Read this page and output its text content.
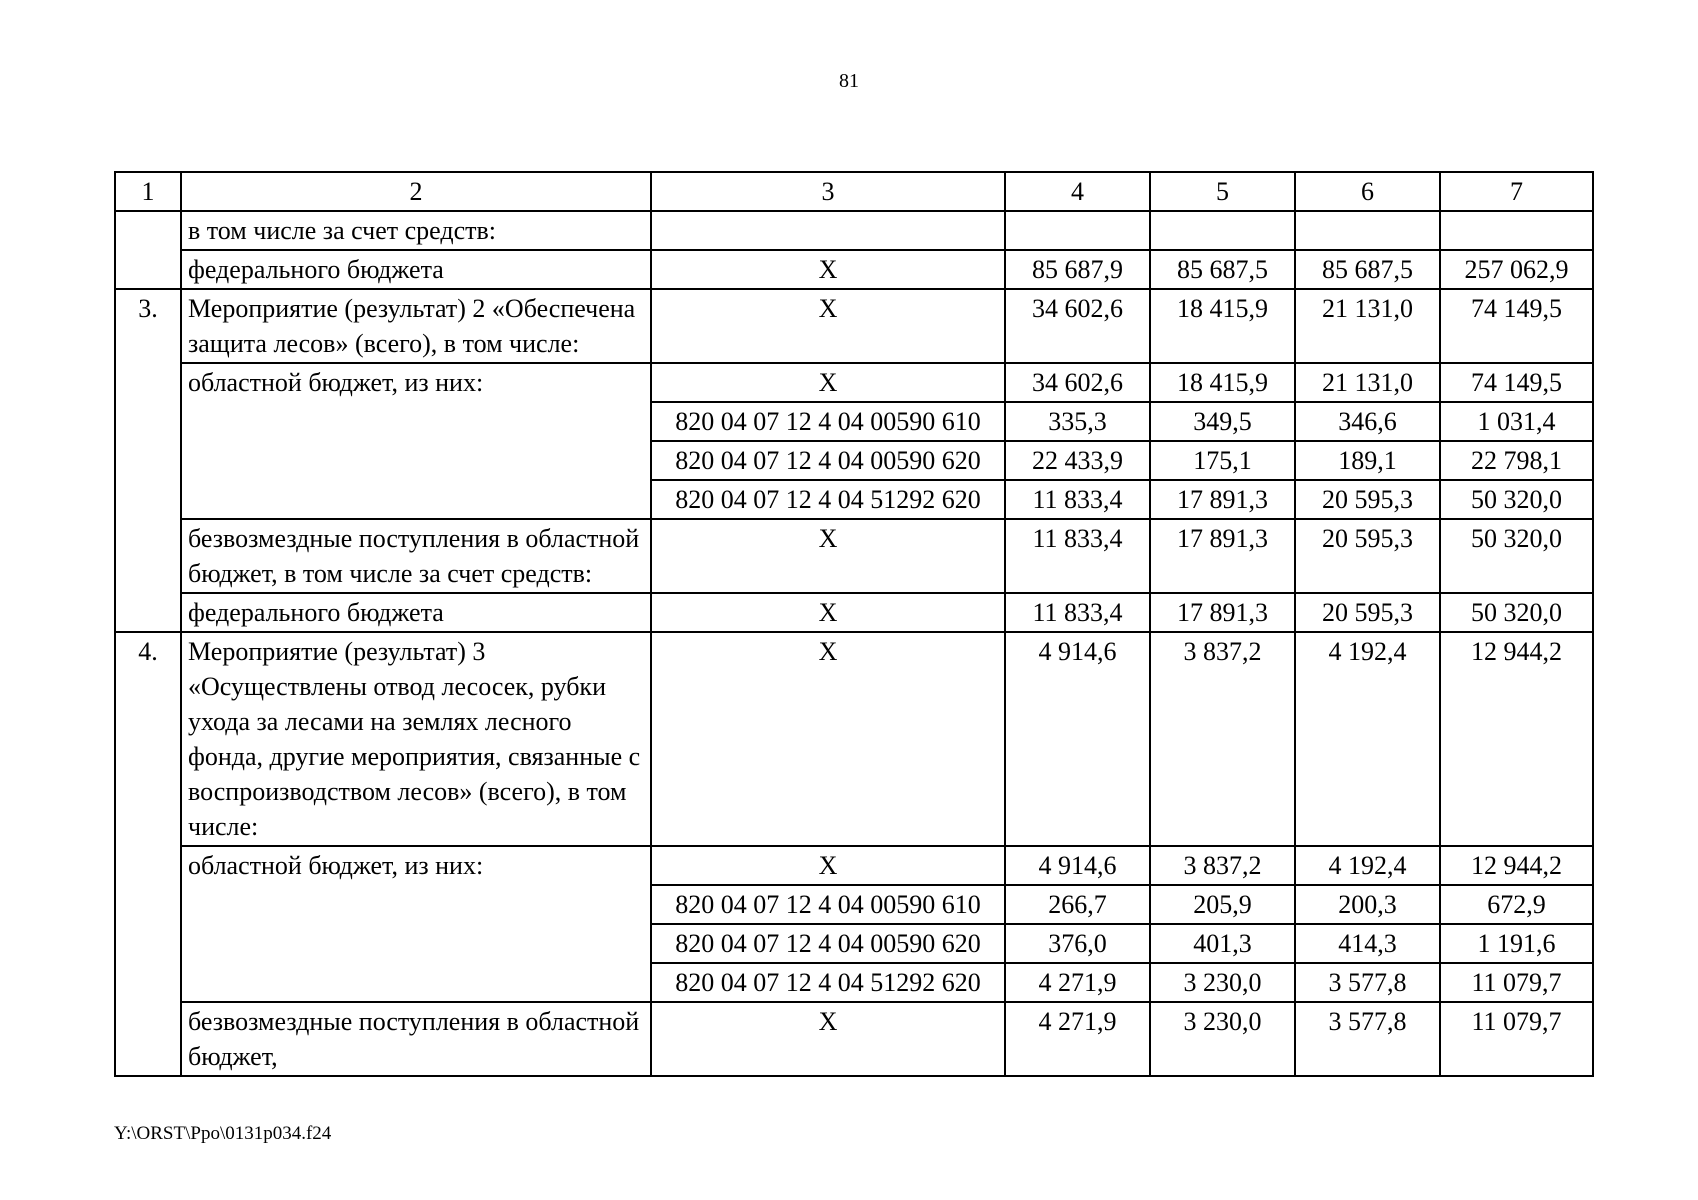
81
1	2	3	4	5	6	7
	в том числе за счет средств:					
	федерального бюджета	X	85 687,9	85 687,5	85 687,5	257 062,9
3.	Мероприятие (результат) 2 «Обеспечена защита лесов» (всего), в том числе:	X	34 602,6	18 415,9	21 131,0	74 149,5
	областной бюджет, из них:	X	34 602,6	18 415,9	21 131,0	74 149,5
		820 04 07 12 4 04 00590 610	335,3	349,5	346,6	1 031,4
		820 04 07 12 4 04 00590 620	22 433,9	175,1	189,1	22 798,1
		820 04 07 12 4 04 51292 620	11 833,4	17 891,3	20 595,3	50 320,0
	безвозмездные поступления в областной бюджет, в том числе за счет средств:	X	11 833,4	17 891,3	20 595,3	50 320,0
	федерального бюджета	X	11 833,4	17 891,3	20 595,3	50 320,0
4.	Мероприятие (результат) 3 «Осуществлены отвод лесосек, рубки ухода за лесами на землях лесного фонда, другие мероприятия, связанные с воспроизводством лесов» (всего), в том числе:	X	4 914,6	3 837,2	4 192,4	12 944,2
	областной бюджет, из них:	X	4 914,6	3 837,2	4 192,4	12 944,2
		820 04 07 12 4 04 00590 610	266,7	205,9	200,3	672,9
		820 04 07 12 4 04 00590 620	376,0	401,3	414,3	1 191,6
		820 04 07 12 4 04 51292 620	4 271,9	3 230,0	3 577,8	11 079,7
	безвозмездные поступления в областной бюджет,	X	4 271,9	3 230,0	3 577,8	11 079,7
Y:\ORST\Ppo\0131p034.f24
